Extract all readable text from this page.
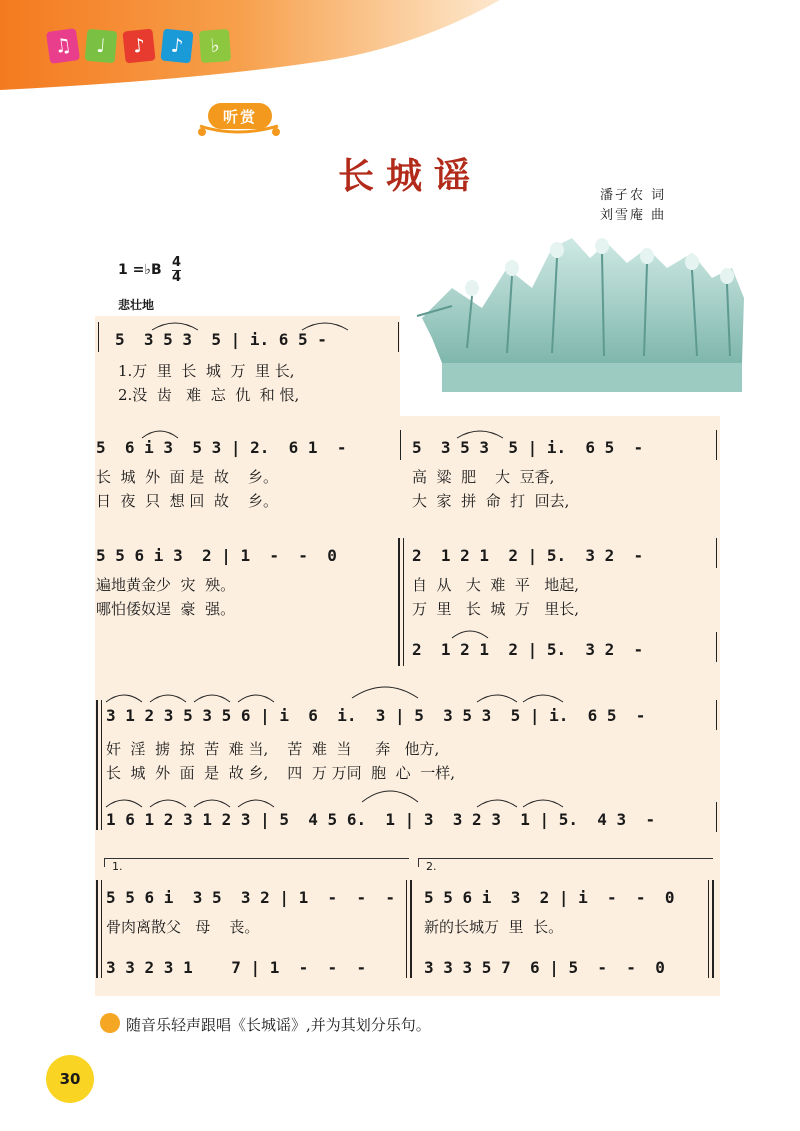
♫	♩	♪	♪	♭
听赏
长城谣	潘孑农 词
刘雪庵 曲
1 =♭B 4
4
悲壮地
5  3 5 3  5 | i. 6 5 -
1.万  里  长  城  万  里 长,
2.没  齿   难  忘  仇  和 恨,
5  6 i 3  5 3 | 2.  6 1  -	5  3 5 3  5 | i.  6 5  -
长  城  外  面 是  故    乡。	高  粱  肥    大  豆香,
日  夜  只  想 回  故    乡。	大  家  拼  命  打  回去,
5 5 6 i 3  2 | 1  -  -  0
遍地黄金少  灾  殃。
哪怕倭奴逞  豪  强。
2  1 2 1  2 | 5.  3 2  -
自  从   大  难  平   地起,
万  里   长  城  万   里长,
2  1 2 1  2 | 5.  3 2  -
3 1 2 3 5 3 5 6 | i  6  i.  3 | 5  3 5 3  5 | i.  6 5  -
奸  淫  掳  掠  苦  难 当,    苦  难  当     奔   他方,
长  城  外  面  是  故 乡,    四  万 万同  胞  心  一样,
1 6 1 2 3 1 2 3 | 5  4 5 6.  1 | 3  3 2 3  1 | 5.  4 3  -
1.	2.
5 5 6 i  3 5  3 2 | 1  -  -  -
骨肉离散父   母    丧。
3 3 2 3 1    7 | 1  -  -  -
5 5 6 i  3  2 | i  -  -  0
新的长城万  里  长。
3 3 3 5 7  6 | 5  -  -  0
随音乐轻声跟唱《长城谣》,并为其划分乐句。
30
